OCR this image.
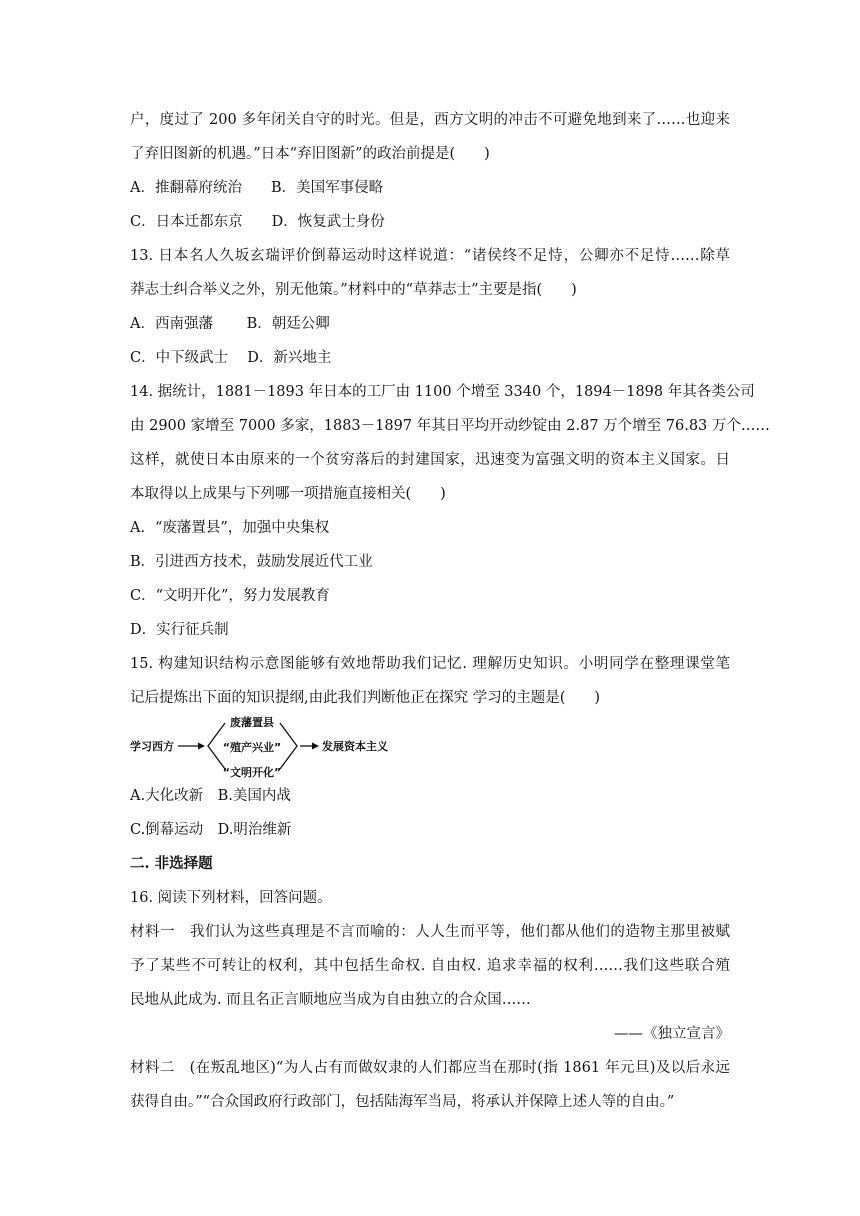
户，度过了 200 多年闭关自守的时光。但是，西方文明的冲击不可避免地到来了……也迎来
了弃旧图新的机遇。”日本“弃旧图新”的政治前提是(　　)
A．推翻幕府统治　　B．美国军事侵略
C．日本迁都东京　　D．恢复武士身份
13. 日本名人久坂玄瑞评价倒幕运动时这样说道：“诸侯终不足恃，公卿亦不足恃……除草
莽志士纠合举义之外，别无他策。”材料中的“草莽志士”主要是指(　　)
A．西南强藩　　 B．朝廷公卿
C．中下级武士　 D．新兴地主
14. 据统计，1881－1893 年日本的工厂由 1100 个增至 3340 个，1894－1898 年其各类公司
由 2900 家增至 7000 多家，1883－1897 年其日平均开动纱锭由 2.87 万个增至 76.83 万个……
这样，就使日本由原来的一个贫穷落后的封建国家，迅速变为富强文明的资本主义国家。日
本取得以上成果与下列哪一项措施直接相关(　　)
A．“废藩置县”，加强中央集权
B．引进西方技术，鼓励发展近代工业
C．“文明开化”，努力发展教育
D．实行征兵制
15. 构建知识结构示意图能够有效地帮助我们记忆. 理解历史知识。小明同学在整理课堂笔
记后提炼出下面的知识提纲,由此我们判断他正在探究 学习的主题是(　　)
学习西方
废藩置县
“殖产兴业”
“文明开化”
发展资本主义
A.大化改新　B.美国内战
C.倒幕运动　D.明治维新
二. 非选择题
16. 阅读下列材料，回答问题。
材料一　我们认为这些真理是不言而喻的：人人生而平等，他们都从他们的造物主那里被赋
予了某些不可转让的权利，其中包括生命权. 自由权. 追求幸福的权利……我们这些联合殖
民地从此成为. 而且名正言顺地应当成为自由独立的合众国……
——《独立宣言》
材料二　(在叛乱地区)“为人占有而做奴隶的人们都应当在那时(指 1861 年元旦)及以后永远
获得自由。”“合众国政府行政部门，包括陆海军当局，将承认并保障上述人等的自由。”
